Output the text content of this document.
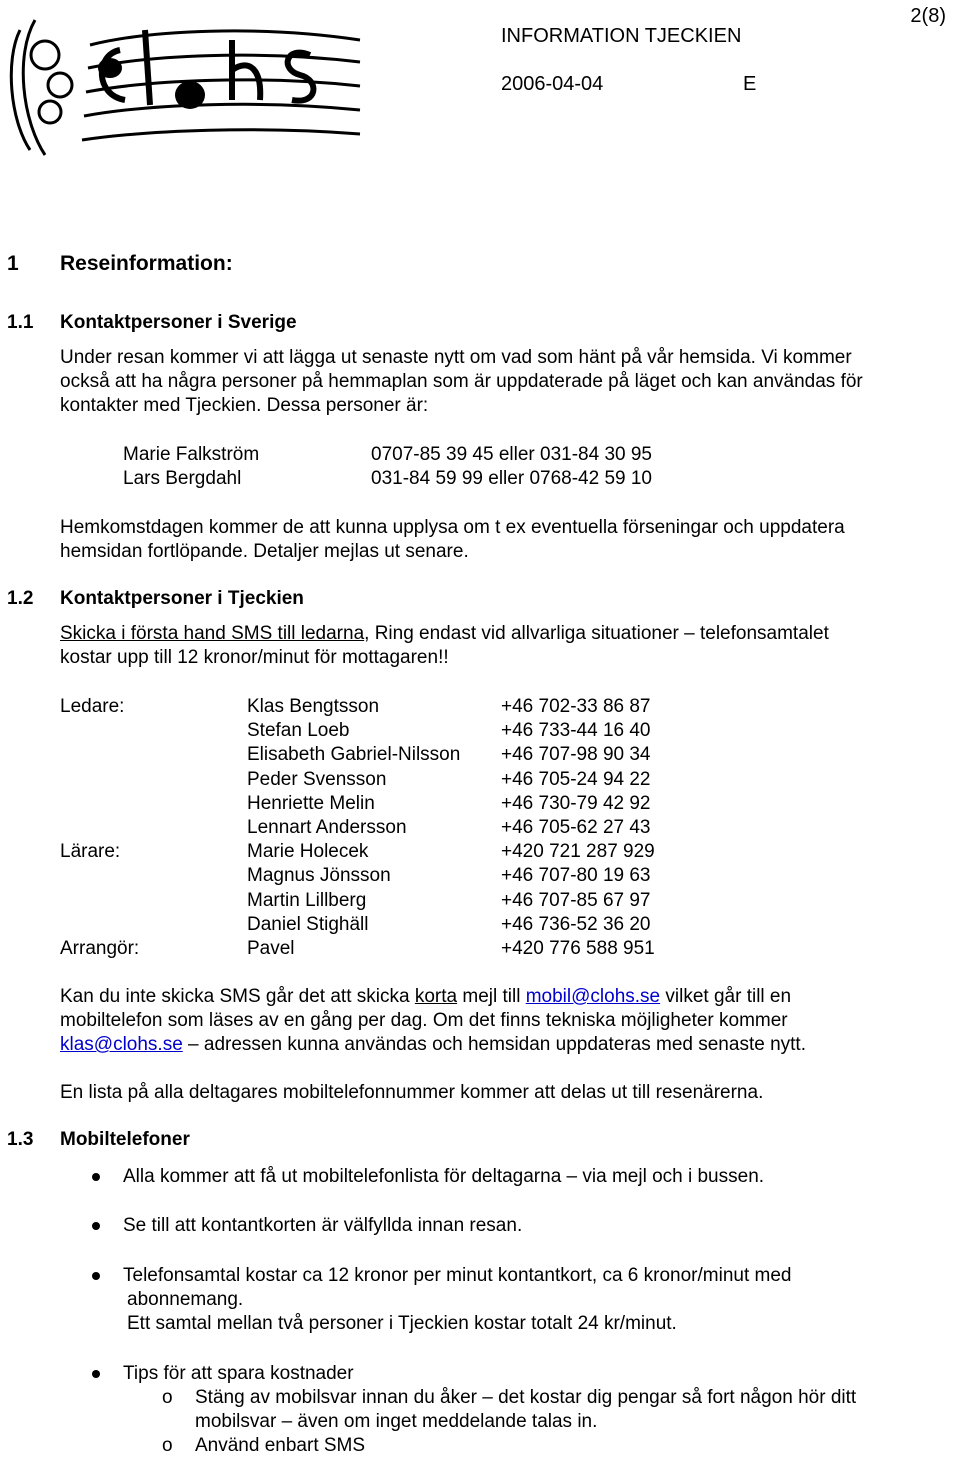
2(8)
INFORMATION TJECKIEN
2006-04-04	E
1 Reseinformation:
1.1 Kontaktpersoner i Sverige
Under resan kommer vi att lägga ut senaste nytt om vad som hänt på vår hemsida. Vi kommer
också att ha några personer på hemmaplan som är uppdaterade på läget och kan användas för
kontakter med Tjeckien. Dessa personer är:
Marie Falkström	0707-85 39 45 eller 031-84 30 95
Lars Bergdahl	031-84 59 99 eller 0768-42 59 10
Hemkomstdagen kommer de att kunna upplysa om t ex eventuella förseningar och uppdatera
hemsidan fortlöpande. Detaljer mejlas ut senare.
1.2 Kontaktpersoner i Tjeckien
Skicka i första hand SMS till ledarna, Ring endast vid allvarliga situationer – telefonsamtalet
kostar upp till 12 kronor/minut för mottagaren!!
Ledare:	Klas Bengtsson	+46 702-33 86 87
Stefan Loeb	+46 733-44 16 40
Elisabeth Gabriel-Nilsson +46 707-98 90 34
Peder Svensson	+46 705-24 94 22
Henriette Melin	+46 730-79 42 92
Lennart Andersson	+46 705-62 27 43
Lärare:	Marie Holecek	+420 721 287 929
Magnus Jönsson	+46 707-80 19 63
Martin Lillberg	+46 707-85 67 97
Daniel Stighäll	+46 736-52 36 20
Arrangör:	Pavel	+420 776 588 951
Kan du inte skicka SMS går det att skicka korta mejl till mobil@clohs.se vilket går till en
mobiltelefon som läses av en gång per dag. Om det finns tekniska möjligheter kommer
klas@clohs.se – adressen kunna användas och hemsidan uppdateras med senaste nytt.
En lista på alla deltagares mobiltelefonnummer kommer att delas ut till resenärerna.
1.3 Mobiltelefoner
Alla kommer att få ut mobiltelefonlista för deltagarna – via mejl och i bussen.
Se till att kontantkorten är välfyllda innan resan.
Telefonsamtal kostar ca 12 kronor per minut kontantkort, ca 6 kronor/minut med
abonnemang.
Ett samtal mellan två personer i Tjeckien kostar totalt 24 kr/minut.
Tips för att spara kostnader
o Stäng av mobilsvar innan du åker – det kostar dig pengar så fort någon hör ditt
mobilsvar – även om inget meddelande talas in.
o Använd enbart SMS
